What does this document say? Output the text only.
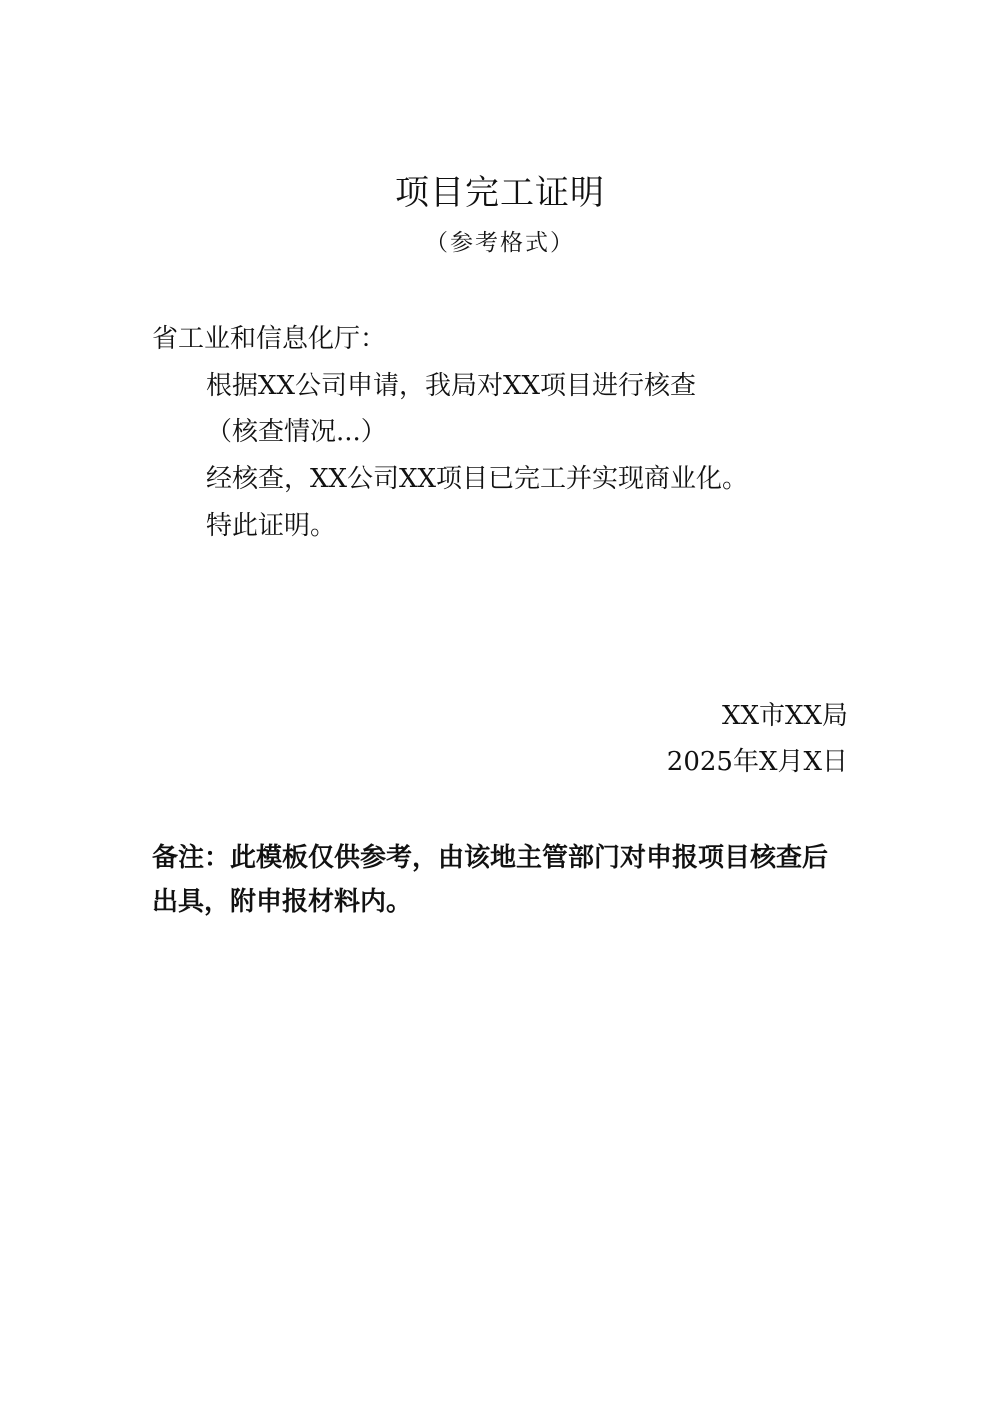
项目完工证明
（参考格式）
省工业和信息化厅：
根据XX公司申请，我局对XX项目进行核查
（核查情况...）
经核查，XX公司XX项目已完工并实现商业化。
特此证明。
XX市XX局
2025年X月X日
备注：此模板仅供参考，由该地主管部门对申报项目核查后
出具，附申报材料内。
